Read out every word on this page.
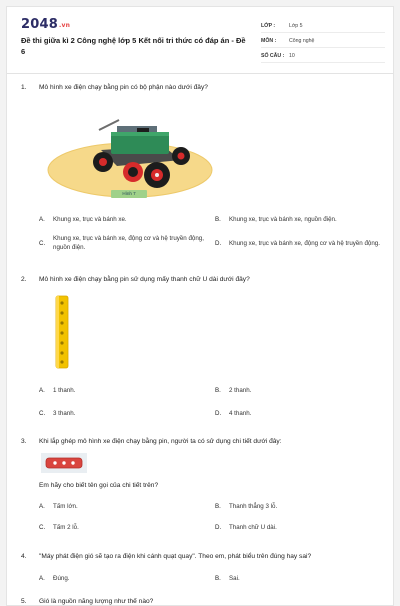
2048.vn
Đề thi giữa kì 2 Công nghệ lớp 5 Kết nối tri thức có đáp án - Đề 6
LỚP :	Lớp 5
MÔN :	Công nghệ
SỐ CÂU : 10
1.	Mô hình xe điện chạy bằng pin có bộ phận nào dưới đây?
Hình 7
A.	Khung xe, trục và bánh xe.	B.	Khung xe, trục và bánh xe, nguồn điện.
C.
Khung xe, trục và bánh xe, động cơ và hệ truyền động, nguồn điện.
D.	Khung xe, trục và bánh xe, động cơ và hệ truyền động.
2.	Mô hình xe điện chạy bằng pin sử dụng mấy thanh chữ U dài dưới đây?
A.	1 thanh.	B.	2 thanh.
C.	3 thanh.	D.	4 thanh.
3.	Khi lắp ghép mô hình xe điện chạy bằng pin, người ta có sử dụng chi tiết dưới đây:
Em hãy cho biết tên gọi của chi tiết trên?
A.	Tấm lớn.	B.	Thanh thẳng 3 lỗ.
C.	Tấm 2 lỗ.	D.	Thanh chữ U dài.
4.	"Máy phát điện gió sẽ tạo ra điện khi cánh quạt quay". Theo em, phát biểu trên đúng hay sai?
A.	Đúng.	B.	Sai.
5.	Gió là nguồn năng lượng như thế nào?
